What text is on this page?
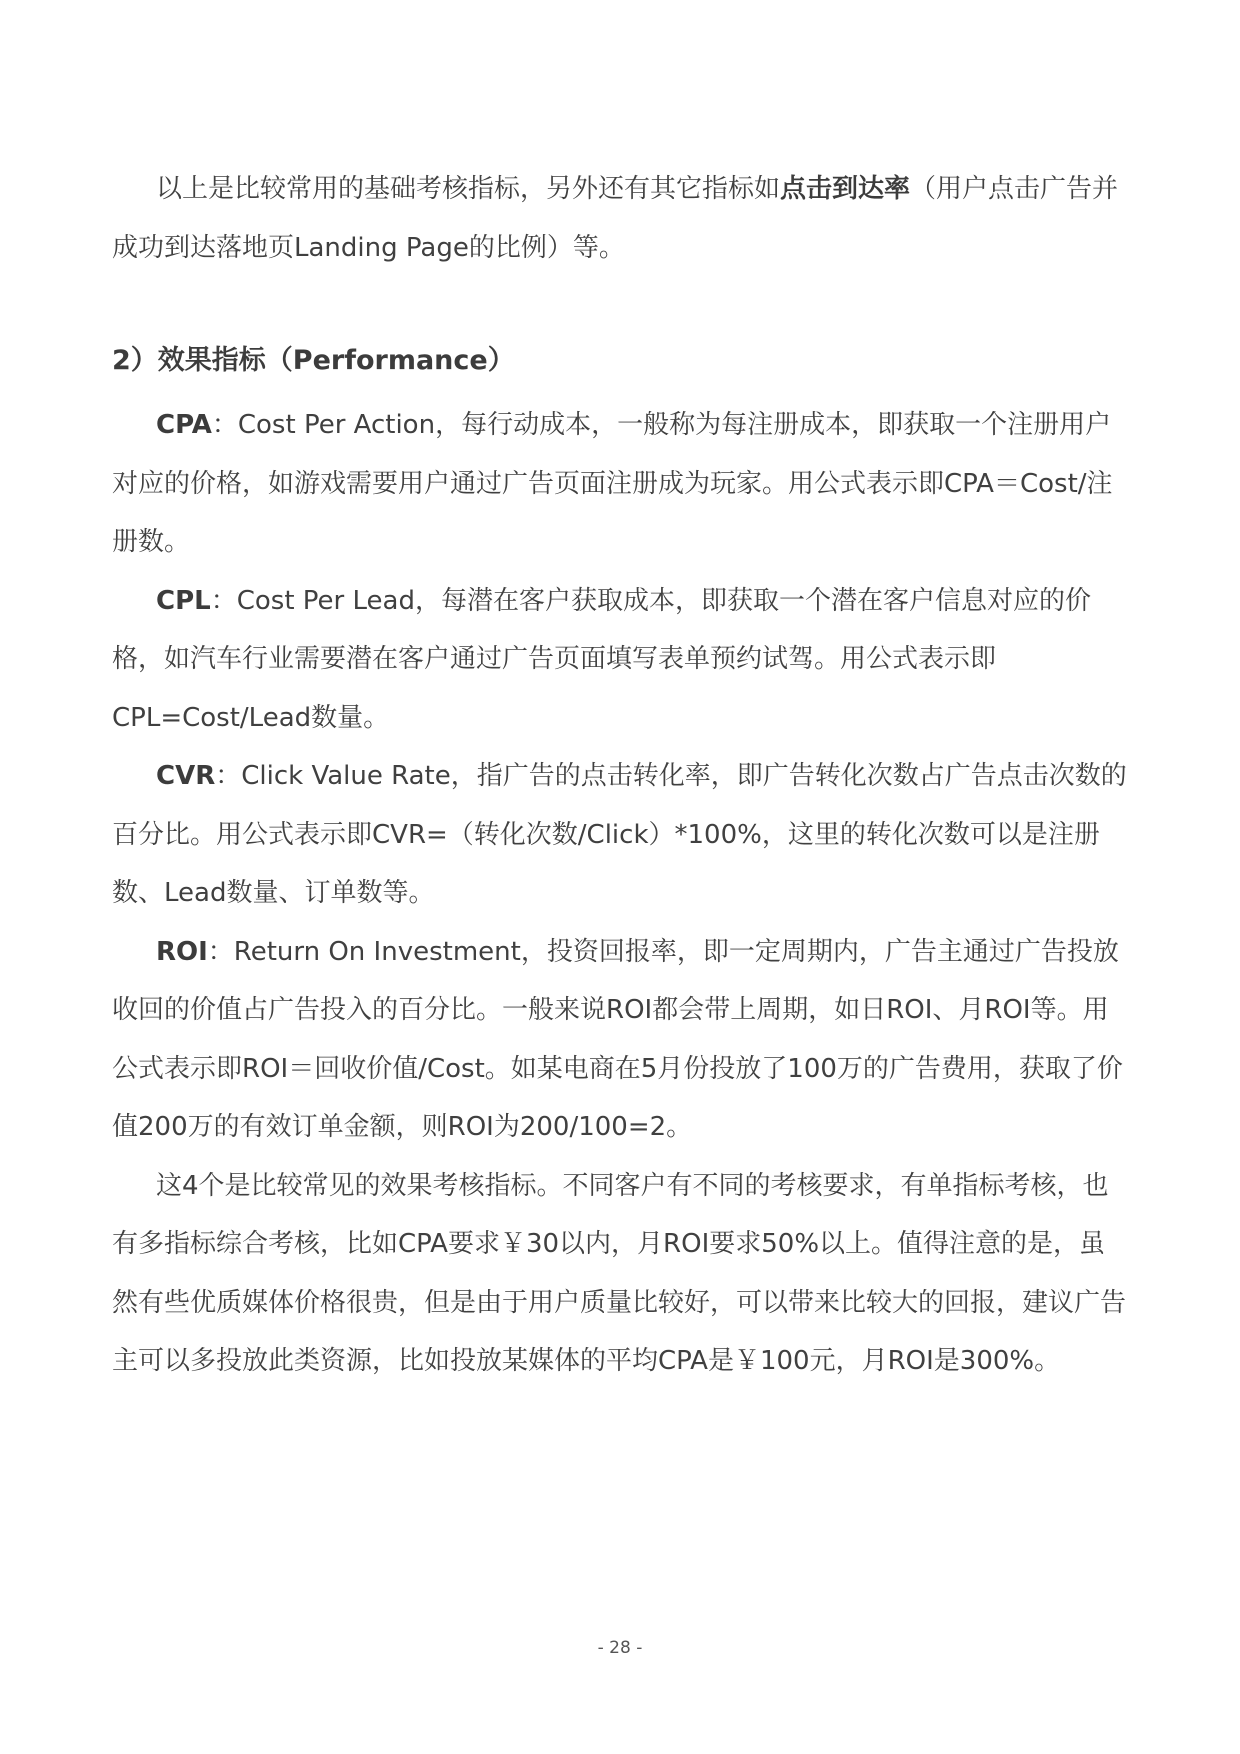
以上是比较常用的基础考核指标，另外还有其它指标如点击到达率（用户点击广告并成功到达落地页Landing Page的比例）等。

2）效果指标（Performance）

CPA：Cost Per Action，每行动成本，一般称为每注册成本，即获取一个注册用户对应的价格，如游戏需要用户通过广告页面注册成为玩家。用公式表示即CPA＝Cost/注册数。

CPL：Cost Per Lead，每潜在客户获取成本，即获取一个潜在客户信息对应的价格，如汽车行业需要潜在客户通过广告页面填写表单预约试驾。用公式表示即CPL=Cost/Lead数量。

CVR：Click Value Rate，指广告的点击转化率，即广告转化次数占广告点击次数的百分比。用公式表示即CVR=（转化次数/Click）*100%，这里的转化次数可以是注册数、Lead数量、订单数等。

ROI：Return On Investment，投资回报率，即一定周期内，广告主通过广告投放收回的价值占广告投入的百分比。一般来说ROI都会带上周期，如日ROI、月ROI等。用公式表示即ROI＝回收价值/Cost。如某电商在5月份投放了100万的广告费用，获取了价值200万的有效订单金额，则ROI为200/100=2。

这4个是比较常见的效果考核指标。不同客户有不同的考核要求，有单指标考核，也有多指标综合考核，比如CPA要求￥30以内，月ROI要求50%以上。值得注意的是，虽然有些优质媒体价格很贵，但是由于用户质量比较好，可以带来比较大的回报，建议广告主可以多投放此类资源，比如投放某媒体的平均CPA是￥100元，月ROI是300%。

- 28 -
